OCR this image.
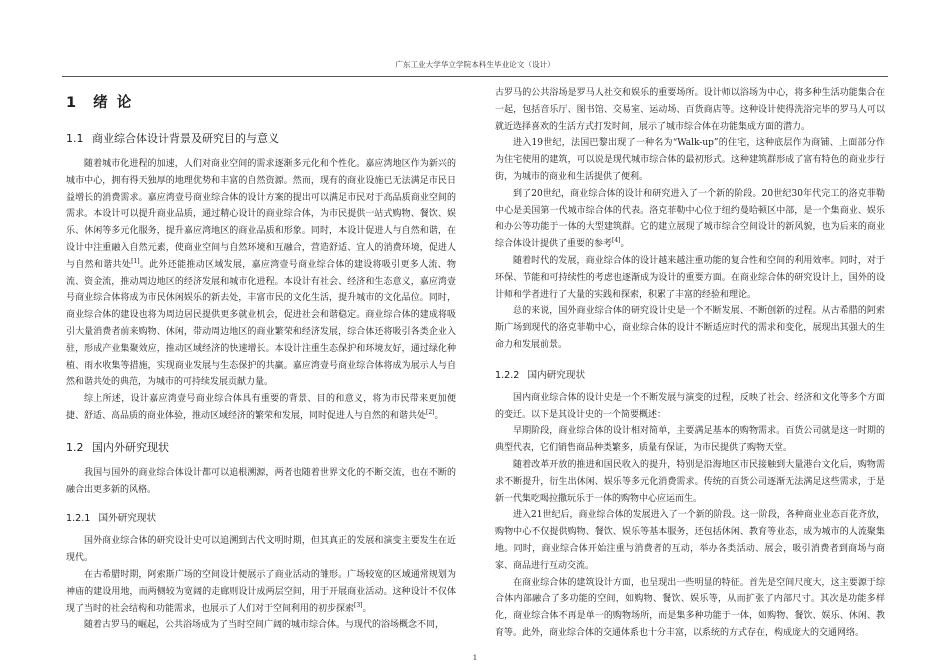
广东工业大学华立学院本科生毕业论文（设计）
1 绪 论
1.1 商业综合体设计背景及研究目的与意义

随着城市化进程的加速，人们对商业空间的需求逐渐多元化和个性化。嘉应湾地区作为新兴的城市中心，拥有得天独厚的地理优势和丰富的自然资源。然而，现有的商业设施已无法满足市民日益增长的消费需求。嘉应湾壹号商业综合体的设计方案的提出可以满足市民对于高品质商业空间的需求。本设计可以提升商业品质，通过精心设计的商业综合体，为市民提供一站式购物、餐饮、娱乐、休闲等多元化服务，提升嘉应湾地区的商业品质和形象。同时，本设计促进人与自然和谐，在设计中注重融入自然元素，使商业空间与自然环境和互融合，营造舒适、宜人的消费环境，促进人与自然和谐共处[1]。此外还能推动区域发展，嘉应湾壹号商业综合体的建设将吸引更多人流、物流、资金流，推动周边地区的经济发展和城市化进程。本设计有社会、经济和生态意义，嘉应湾壹号商业综合体将成为市民休闲娱乐的新去处，丰富市民的文化生活，提升城市的文化品位。同时，商业综合体的建设也将为周边居民提供更多就业机会，促进社会和谐稳定。商业综合体的建成将吸引大量消费者前来购物、休闲，带动周边地区的商业繁荣和经济发展，综合体还将吸引各类企业入驻，形成产业集聚效应，推动区域经济的快速增长。本设计注重生态保护和环境友好，通过绿化种植、雨水收集等措施，实现商业发展与生态保护的共赢。嘉应湾壹号商业综合体将成为展示人与自然和谐共处的典范，为城市的可持续发展贡献力量。

综上所述，设计嘉应湾壹号商业综合体具有重要的背景、目的和意义，将为市民带来更加便捷、舒适、高品质的商业体验，推动区域经济的繁荣和发展，同时促进人与自然的和谐共处[2]。

1.2 国内外研究现状

我国与国外的商业综合体设计都可以追根溯源，两者也随着世界文化的不断交流，也在不断的融合出更多新的风格。

1.2.1 国外研究现状

国外商业综合体的研究设计史可以追溯到古代文明时期，但其真正的发展和演变主要发生在近现代。

在古希腊时期，阿索斯广场的空间设计便展示了商业活动的雏形。广场较宽的区域通常规划为神庙的建设用地，而两侧较为宽阔的走廊则设计成两层空间，用于开展商业活动。这种设计不仅体现了当时的社会结构和功能需求，也展示了人们对于空间利用的初步探索[3]。

随着古罗马的崛起，公共浴场成为了当时空间广阔的城市综合体。与现代的浴场概念不同，

古罗马的公共浴场是罗马人社交和娱乐的重要场所。设计师以浴场为中心，将多种生活功能集合在一起，包括音乐厅、图书馆、交易室、运动场、百货商店等。这种设计使得洗浴完毕的罗马人可以就近选择喜欢的生活方式打发时间，展示了城市综合体在功能集成方面的潜力。

进入19世纪，法国巴黎出现了一种名为“Walk-up”的住宅，这种底层作为商铺、上面部分作为住宅使用的建筑，可以说是现代城市综合体的最初形式。这种建筑群形成了富有特色的商业步行街，为城市的商业和生活提供了便利。

到了20世纪，商业综合体的设计和研究进入了一个新的阶段。20世纪30年代完工的洛克菲勒中心是美国第一代城市综合体的代表。洛克菲勒中心位于纽约曼哈顿区中部，是一个集商业、娱乐和办公等功能于一体的大型建筑群。它的建立展现了城市综合空间设计的新风貌，也为后来的商业综合体设计提供了重要的参考[4]。

随着时代的发展，商业综合体的设计越来越注重功能的复合性和空间的利用效率。同时，对于环保、节能和可持续性的考虑也逐渐成为设计的重要方面。在商业综合体的研究设计上，国外的设计师和学者进行了大量的实践和探索，积累了丰富的经验和理论。

总的来说，国外商业综合体的研究设计史是一个不断发展、不断创新的过程。从古希腊的阿索斯广场到现代的洛克菲勒中心，商业综合体的设计不断适应时代的需求和变化，展现出其强大的生命力和发展前景。

1.2.2 国内研究现状

国内商业综合体的设计史是一个不断发展与演变的过程，反映了社会、经济和文化等多个方面的变迁。以下是其设计史的一个简要概述：

早期阶段，商业综合体的设计相对简单，主要满足基本的购物需求。百货公司就是这一时期的典型代表，它们销售商品种类繁多，质量有保证，为市民提供了购物天堂。

随着改革开放的推进和国民收入的提升，特别是沿海地区市民接触到大量港台文化后，购物需求不断提升，衍生出休闲、娱乐等多元化消费需求。传统的百货公司逐渐无法满足这些需求，于是新一代集吃喝拉撒玩乐于一体的购物中心应运而生。

进入21世纪后，商业综合体的发展进入了一个新的阶段。这一阶段，各种商业业态百花齐放，购物中心不仅提供购物、餐饮、娱乐等基本服务，还包括休闲、教育等业态，成为城市的人流聚集地。同时，商业综合体开始注重与消费者的互动，举办各类活动、展会，吸引消费者到商场与商家、商品进行互动交流。

在商业综合体的建筑设计方面，也呈现出一些明显的特征。首先是空间尺度大，这主要源于综合体内部融合了多功能的空间，如购物、餐饮、娱乐等，从而扩张了内部尺寸。其次是功能多样化，商业综合体不再是单一的购物场所，而是集多种功能于一体，如购物、餐饮、娱乐、休闲、教育等。此外，商业综合体的交通体系也十分丰富，以系统的方式存在，构成庞大的交通网络。

1
